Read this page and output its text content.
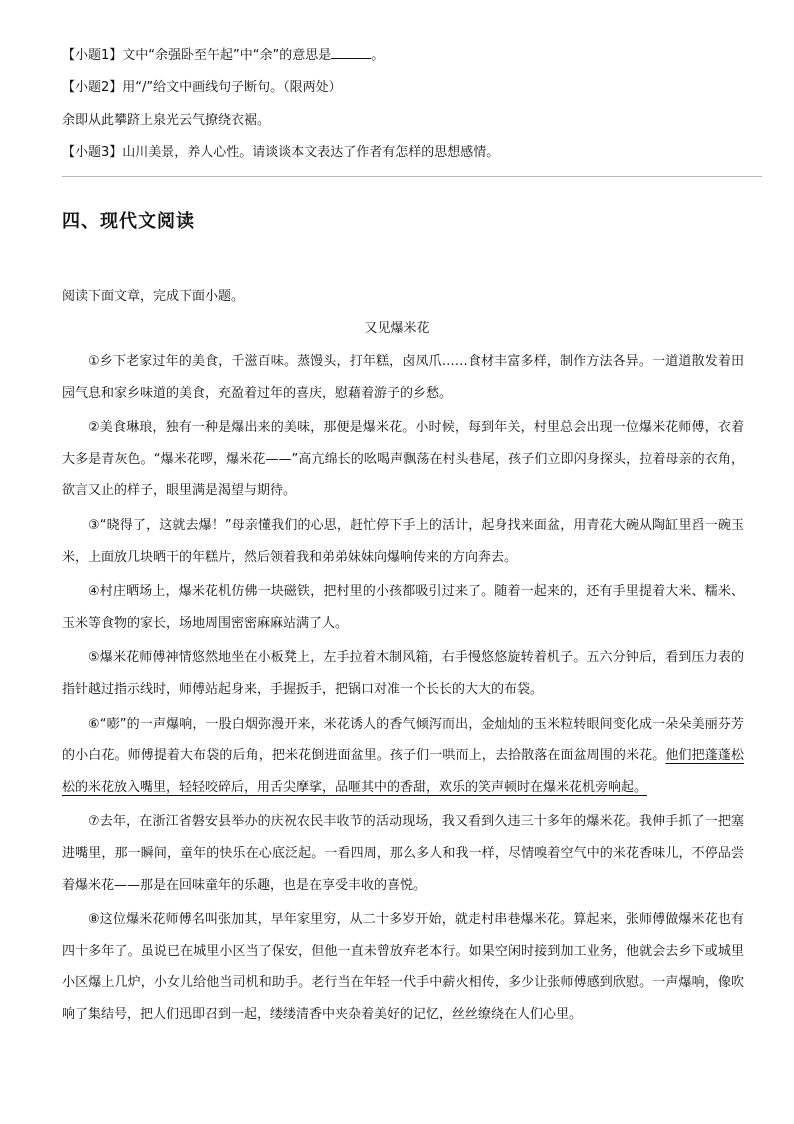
【小题1】文中“余强卧至午起”中“余”的意思是	。
【小题2】用“/”给文中画线句子断句。（限两处）
余即从此攀跻上泉光云气撩绕衣裾。
【小题3】山川美景，养人心性。请谈谈本文表达了作者有怎样的思想感情。
四、现代文阅读
阅读下面文章，完成下面小题。
又见爆米花

①乡下老家过年的美食，千滋百味。蒸馒头，打年糕，卤凤爪……食材丰富多样，制作方法各异。一道道散发着田园气息和家乡味道的美食，充盈着过年的喜庆，慰藉着游子的乡愁。

②美食琳琅，独有一种是爆出来的美味，那便是爆米花。小时候，每到年关，村里总会出现一位爆米花师傅，衣着大多是青灰色。“爆米花啰，爆米花——”高亢绵长的吆喝声飘荡在村头巷尾，孩子们立即闪身探头，拉着母亲的衣角，欲言又止的样子，眼里满是渴望与期待。

③“晓得了，这就去爆！”母亲懂我们的心思，赶忙停下手上的活计，起身找来面盆，用青花大碗从陶缸里舀一碗玉米，上面放几块晒干的年糕片，然后领着我和弟弟妹妹向爆响传来的方向奔去。

④村庄晒场上，爆米花机仿佛一块磁铁，把村里的小孩都吸引过来了。随着一起来的，还有手里提着大米、糯米、玉米等食物的家长，场地周围密密麻麻站满了人。

⑤爆米花师傅神情悠然地坐在小板凳上，左手拉着木制风箱，右手慢悠悠旋转着机子。五六分钟后，看到压力表的指针越过指示线时，师傅站起身来，手握扳手，把锅口对准一个长长的大大的布袋。

⑥“嘭”的一声爆响，一股白烟弥漫开来，米花诱人的香气倾泻而出，金灿灿的玉米粒转眼间变化成一朵朵美丽芬芳的小白花。师傅提着大布袋的后角，把米花倒进面盆里。孩子们一哄而上，去拾散落在面盆周围的米花。他们把蓬蓬松松的米花放入嘴里，轻轻咬碎后，用舌尖摩挲，品咂其中的香甜，欢乐的笑声顿时在爆米花机旁响起。

⑦去年，在浙江省磐安县举办的庆祝农民丰收节的活动现场，我又看到久违三十多年的爆米花。我伸手抓了一把塞进嘴里，那一瞬间，童年的快乐在心底泛起。一看四周，那么多人和我一样，尽情嗅着空气中的米花香味儿，不停品尝着爆米花——那是在回味童年的乐趣，也是在享受丰收的喜悦。

⑧这位爆米花师傅名叫张加其，早年家里穷，从二十多岁开始，就走村串巷爆米花。算起来，张师傅做爆米花也有四十多年了。虽说已在城里小区当了保安，但他一直未曾放弃老本行。如果空闲时接到加工业务，他就会去乡下或城里小区爆上几炉，小女儿给他当司机和助手。老行当在年轻一代手中薪火相传，多少让张师傅感到欣慰。一声爆响，像吹响了集结号，把人们迅即召到一起，缕缕清香中夹杂着美好的记忆，丝丝缭绕在人们心里。
